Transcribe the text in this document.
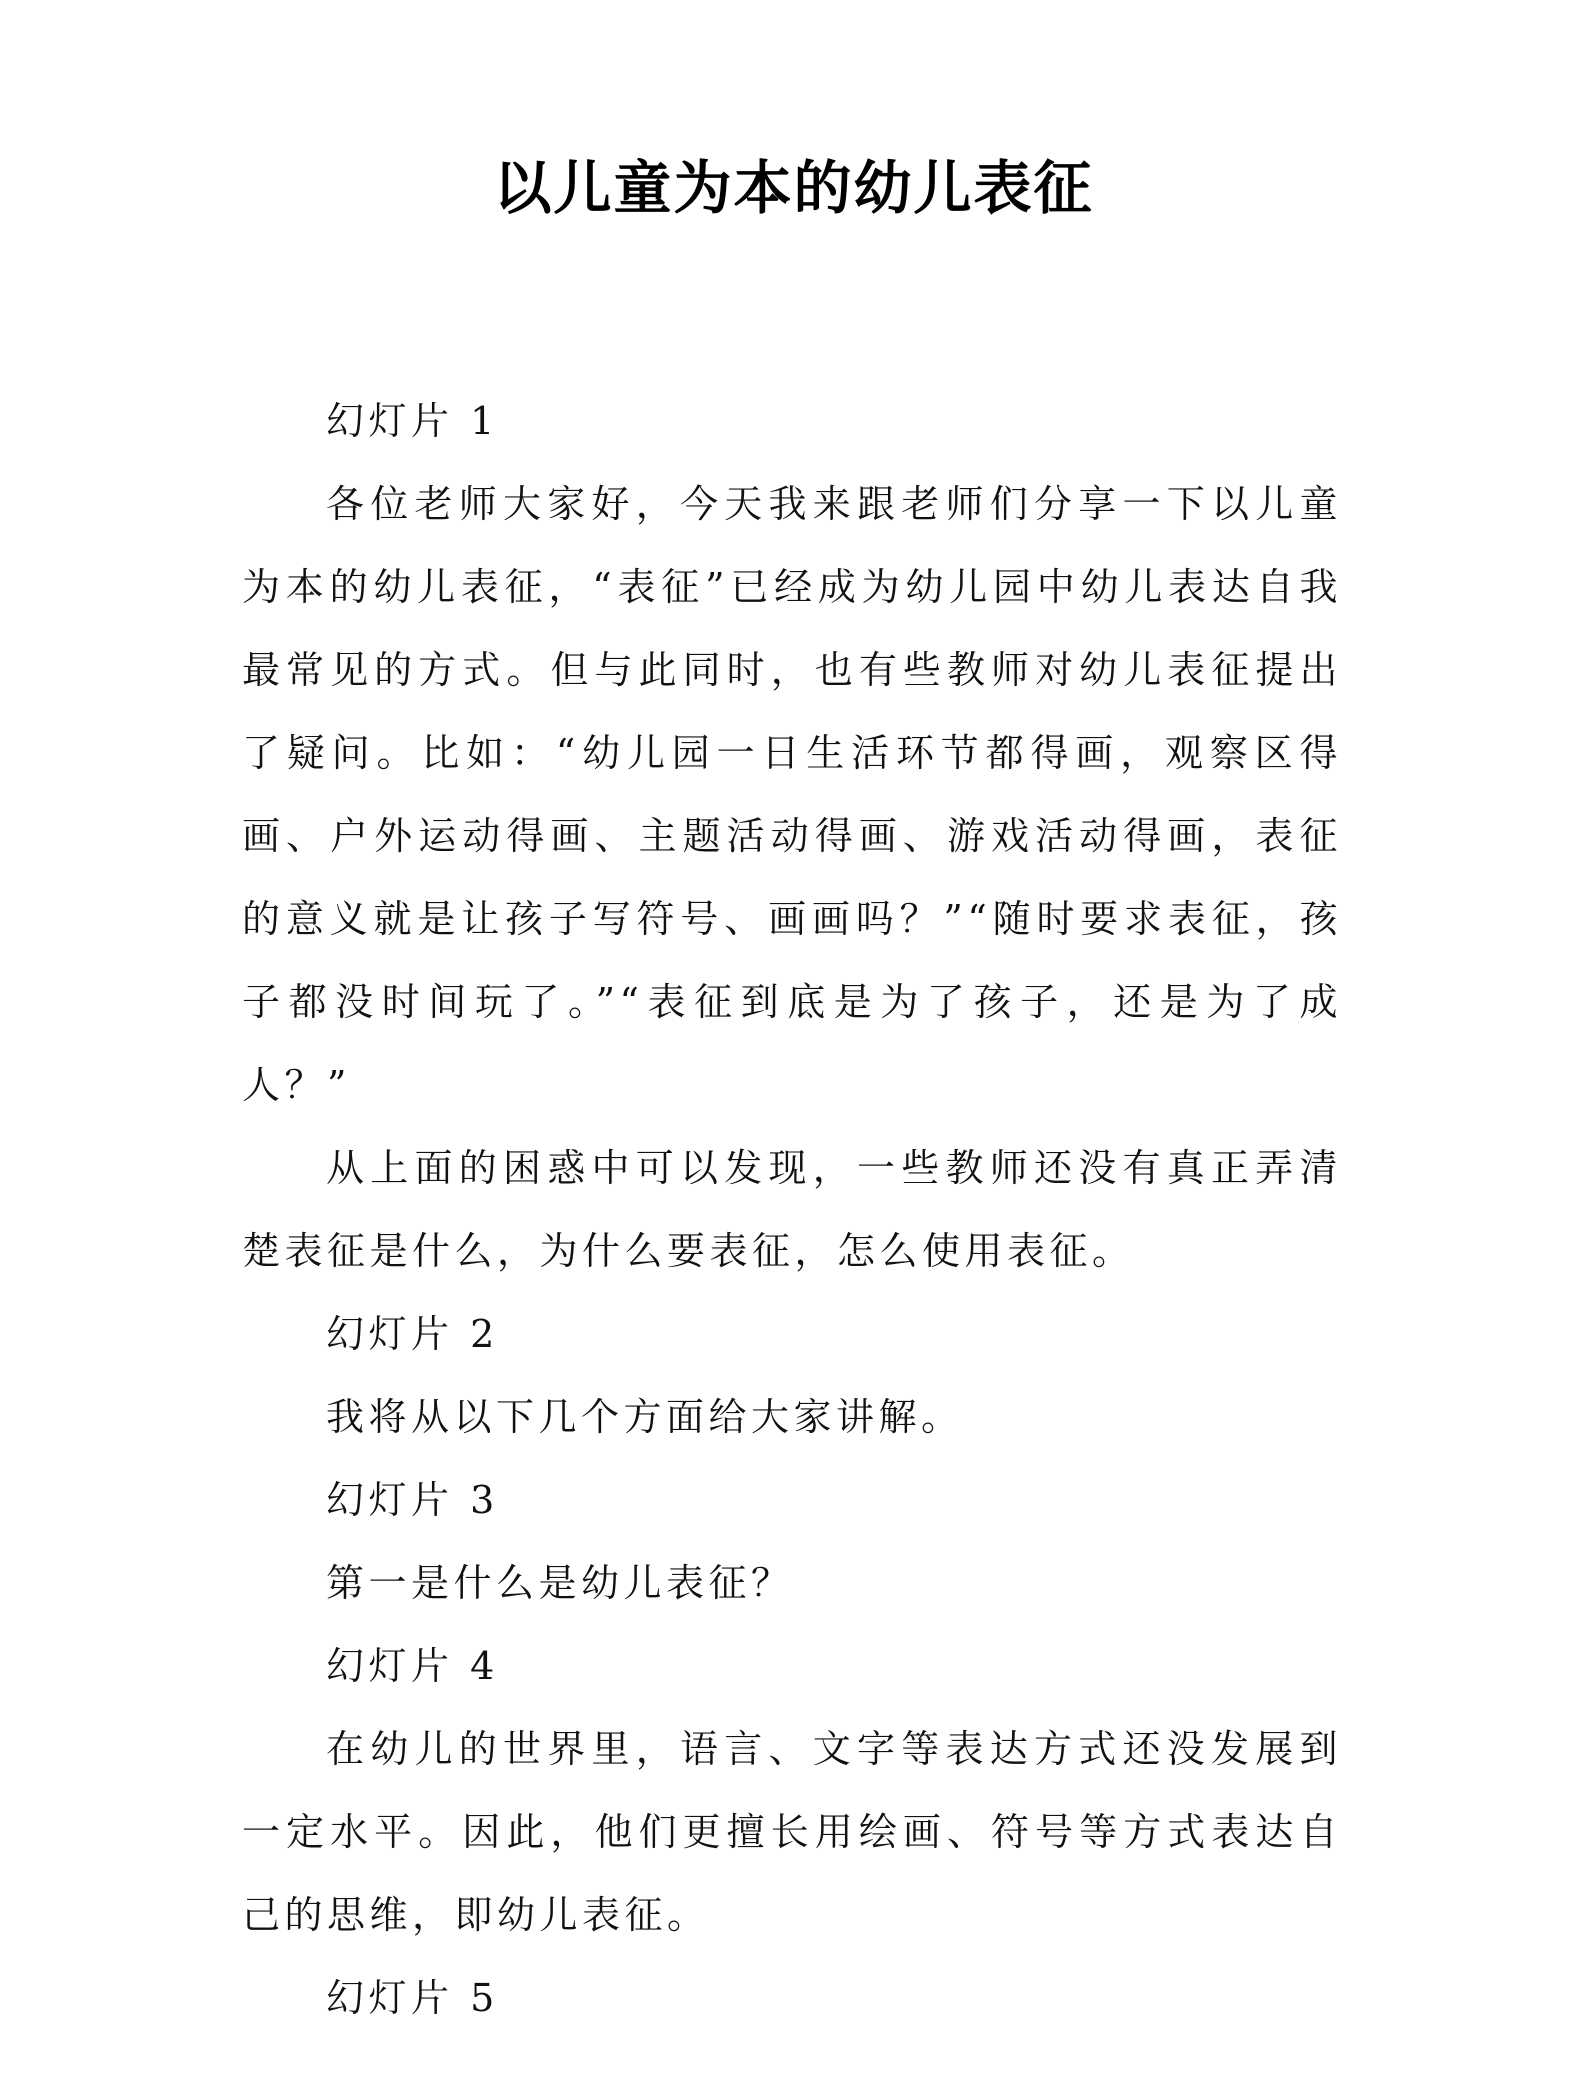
以儿童为本的幼儿表征

幻灯片 1

各位老师大家好，今天我来跟老师们分享一下以儿童为本的幼儿表征，“表征”已经成为幼儿园中幼儿表达自我最常见的方式。但与此同时，也有些教师对幼儿表征提出了疑问。比如：“幼儿园一日生活环节都得画，观察区得画、户外运动得画、主题活动得画、游戏活动得画，表征的意义就是让孩子写符号、画画吗？”“随时要求表征，孩子都没时间玩了。”“表征到底是为了孩子，还是为了成人？”

从上面的困惑中可以发现，一些教师还没有真正弄清楚表征是什么，为什么要表征，怎么使用表征。

幻灯片 2

我将从以下几个方面给大家讲解。

幻灯片 3

第一是什么是幼儿表征？

幻灯片 4

在幼儿的世界里，语言、文字等表达方式还没发展到一定水平。因此，他们更擅长用绘画、符号等方式表达自己的思维，即幼儿表征。

幻灯片 5
